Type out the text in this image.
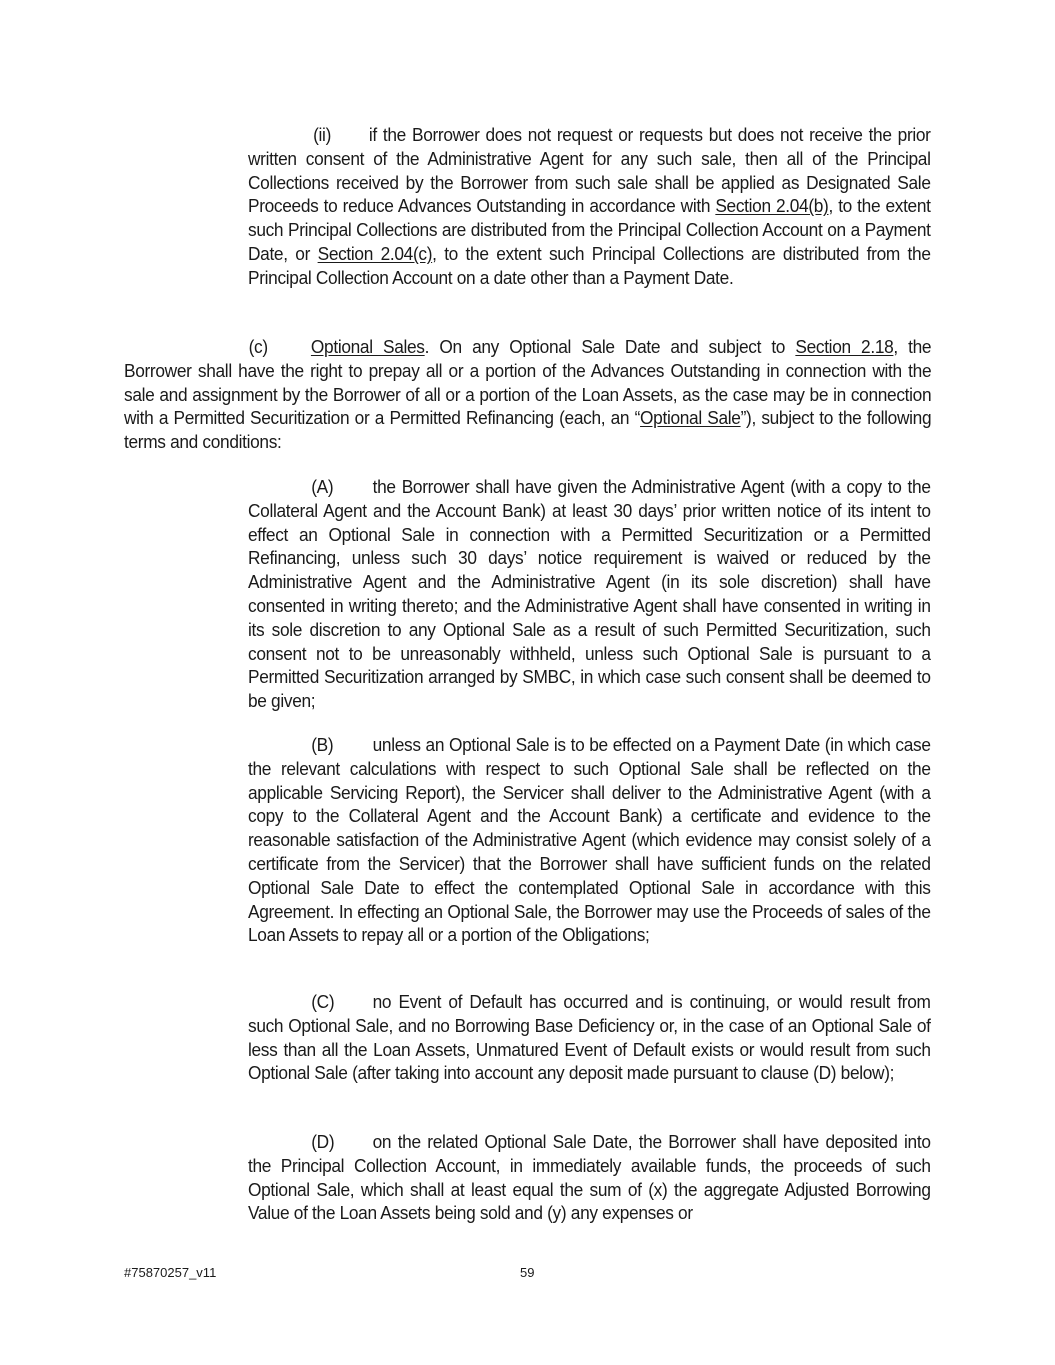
(ii) if the Borrower does not request or requests but does not receive the prior written consent of the Administrative Agent for any such sale, then all of the Principal Collections received by the Borrower from such sale shall be applied as Designated Sale Proceeds to reduce Advances Outstanding in accordance with Section 2.04(b), to the extent such Principal Collections are distributed from the Principal Collection Account on a Payment Date, or Section 2.04(c), to the extent such Principal Collections are distributed from the Principal Collection Account on a date other than a Payment Date.
(c) Optional Sales. On any Optional Sale Date and subject to Section 2.18, the Borrower shall have the right to prepay all or a portion of the Advances Outstanding in connection with the sale and assignment by the Borrower of all or a portion of the Loan Assets, as the case may be in connection with a Permitted Securitization or a Permitted Refinancing (each, an “Optional Sale”), subject to the following terms and conditions:
(A) the Borrower shall have given the Administrative Agent (with a copy to the Collateral Agent and the Account Bank) at least 30 days’ prior written notice of its intent to effect an Optional Sale in connection with a Permitted Securitization or a Permitted Refinancing, unless such 30 days’ notice requirement is waived or reduced by the Administrative Agent and the Administrative Agent (in its sole discretion) shall have consented in writing thereto; and the Administrative Agent shall have consented in writing in its sole discretion to any Optional Sale as a result of such Permitted Securitization, such consent not to be unreasonably withheld, unless such Optional Sale is pursuant to a Permitted Securitization arranged by SMBC, in which case such consent shall be deemed to be given;
(B) unless an Optional Sale is to be effected on a Payment Date (in which case the relevant calculations with respect to such Optional Sale shall be reflected on the applicable Servicing Report), the Servicer shall deliver to the Administrative Agent (with a copy to the Collateral Agent and the Account Bank) a certificate and evidence to the reasonable satisfaction of the Administrative Agent (which evidence may consist solely of a certificate from the Servicer) that the Borrower shall have sufficient funds on the related Optional Sale Date to effect the contemplated Optional Sale in accordance with this Agreement. In effecting an Optional Sale, the Borrower may use the Proceeds of sales of the Loan Assets to repay all or a portion of the Obligations;
(C) no Event of Default has occurred and is continuing, or would result from such Optional Sale, and no Borrowing Base Deficiency or, in the case of an Optional Sale of less than all the Loan Assets, Unmatured Event of Default exists or would result from such Optional Sale (after taking into account any deposit made pursuant to clause (D) below);
(D) on the related Optional Sale Date, the Borrower shall have deposited into the Principal Collection Account, in immediately available funds, the proceeds of such Optional Sale, which shall at least equal the sum of (x) the aggregate Adjusted Borrowing Value of the Loan Assets being sold and (y) any expenses or
#75870257_v11	59
